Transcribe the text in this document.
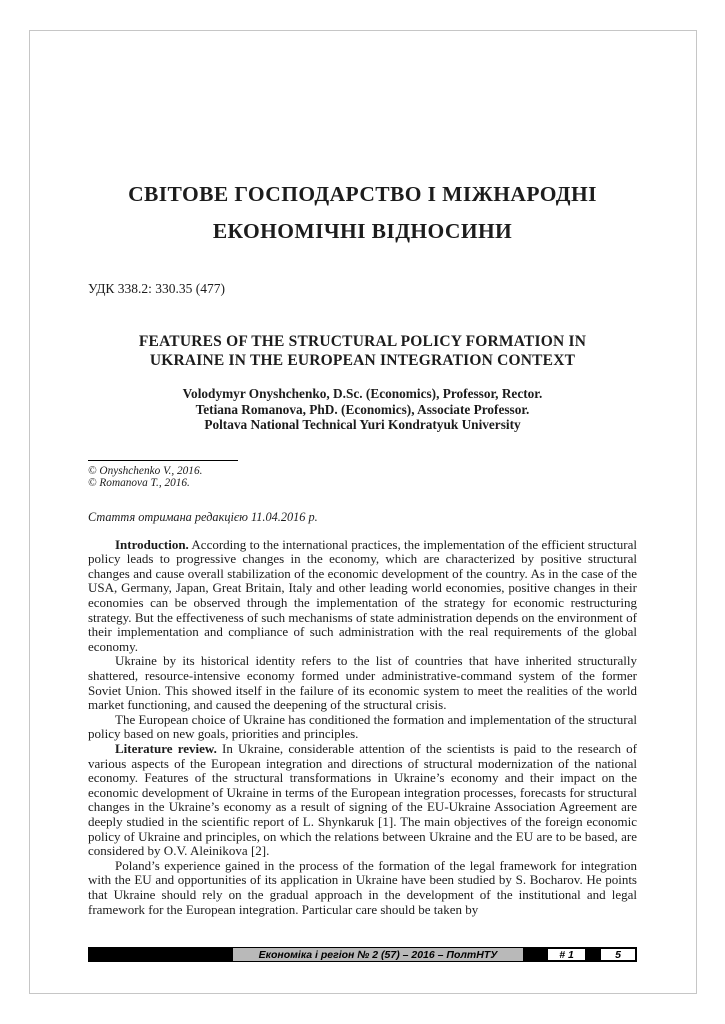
СВІТОВЕ ГОСПОДАРСТВО І МІЖНАРОДНІ
ЕКОНОМІЧНІ ВІДНОСИНИ

УДК 338.2: 330.35 (477)

FEATURES OF THE STRUCTURAL POLICY FORMATION IN
UKRAINE IN THE EUROPEAN INTEGRATION CONTEXT
Volodymyr Onyshchenko, D.Sc. (Economics), Professor, Rector.
Tetiana Romanova, PhD. (Economics), Associate Professor.
Poltava National Technical Yuri Kondratyuk University
© Onyshchenko V., 2016.
© Romanova T., 2016.

Стаття отримана редакцією 11.04.2016 р.

Introduction. According to the international practices, the implementation of the efficient structural policy leads to progressive changes in the economy, which are characterized by positive structural changes and cause overall stabilization of the economic development of the country. As in the case of the USA, Germany, Japan, Great Britain, Italy and other leading world economies, positive changes in their economies can be observed through the implementation of the strategy for economic restructuring strategy. But the effectiveness of such mechanisms of state administration depends on the environment of their implementation and compliance of such administration with the real requirements of the global economy.

Ukraine by its historical identity refers to the list of countries that have inherited structurally shattered, resource-intensive economy formed under administrative-command system of the former Soviet Union. This showed itself in the failure of its economic system to meet the realities of the world market functioning, and caused the deepening of the structural crisis.

The European choice of Ukraine has conditioned the formation and implementation of the structural policy based on new goals, priorities and principles.

Literature review. In Ukraine, considerable attention of the scientists is paid to the research of various aspects of the European integration and directions of structural modernization of the national economy. Features of the structural transformations in Ukraine’s economy and their impact on the economic development of Ukraine in terms of the European integration processes, forecasts for structural changes in the Ukraine’s economy as a result of signing of the EU-Ukraine Association Agreement are deeply studied in the scientific report of L. Shynkaruk [1]. The main objectives of the foreign economic policy of Ukraine and principles, on which the relations between Ukraine and the EU are to be based, are considered by O.V. Aleinikova [2].

Poland’s experience gained in the process of the formation of the legal framework for integration with the EU and opportunities of its application in Ukraine have been studied by S. Bocharov. He points that Ukraine should rely on the gradual approach in the development of the institutional and legal framework for the European integration. Particular care should be taken by

Економіка і регіон № 2 (57) – 2016 – ПолтНТУ	# 1	5
